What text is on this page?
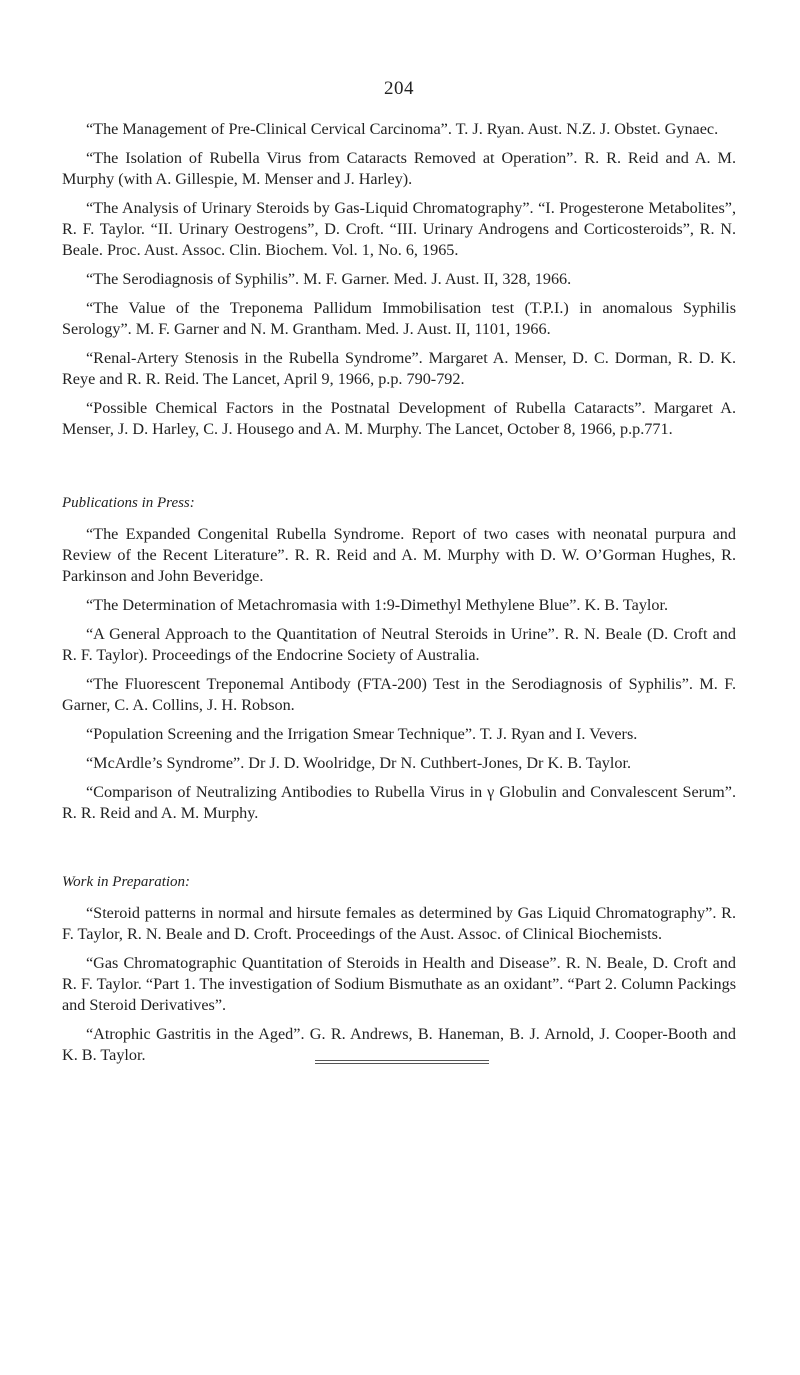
204

“The Management of Pre-Clinical Cervical Carcinoma”. T. J. Ryan. Aust. N.Z. J. Obstet. Gynaec.

“The Isolation of Rubella Virus from Cataracts Removed at Operation”. R. R. Reid and A. M. Murphy (with A. Gillespie, M. Menser and J. Harley).

“The Analysis of Urinary Steroids by Gas-Liquid Chromatography”. “I. Progesterone Metabolites”, R. F. Taylor. “II. Urinary Oestrogens”, D. Croft. “III. Urinary Androgens and Corticosteroids”, R. N. Beale. Proc. Aust. Assoc. Clin. Biochem. Vol. 1, No. 6, 1965.

“The Serodiagnosis of Syphilis”. M. F. Garner. Med. J. Aust. II, 328, 1966.

“The Value of the Treponema Pallidum Immobilisation test (T.P.I.) in anomalous Syphilis Serology”. M. F. Garner and N. M. Grantham. Med. J. Aust. II, 1101, 1966.

“Renal-Artery Stenosis in the Rubella Syndrome”. Margaret A. Menser, D. C. Dorman, R. D. K. Reye and R. R. Reid. The Lancet, April 9, 1966, p.p. 790-792.

“Possible Chemical Factors in the Postnatal Development of Rubella Cataracts”. Margaret A. Menser, J. D. Harley, C. J. Housego and A. M. Murphy. The Lancet, October 8, 1966, p.p.771.

Publications in Press:

“The Expanded Congenital Rubella Syndrome. Report of two cases with neonatal purpura and Review of the Recent Literature”. R. R. Reid and A. M. Murphy with D. W. O’Gorman Hughes, R. Parkinson and John Beveridge.

“The Determination of Metachromasia with 1:9-Dimethyl Methylene Blue”. K. B. Taylor.

“A General Approach to the Quantitation of Neutral Steroids in Urine”. R. N. Beale (D. Croft and R. F. Taylor). Proceedings of the Endocrine Society of Australia.

“The Fluorescent Treponemal Antibody (FTA-200) Test in the Serodiagnosis of Syphilis”. M. F. Garner, C. A. Collins, J. H. Robson.

“Population Screening and the Irrigation Smear Technique”. T. J. Ryan and I. Vevers.

“McArdle’s Syndrome”. Dr J. D. Woolridge, Dr N. Cuthbert-Jones, Dr K. B. Taylor.

“Comparison of Neutralizing Antibodies to Rubella Virus in γ Globulin and Convalescent Serum”. R. R. Reid and A. M. Murphy.

Work in Preparation:

“Steroid patterns in normal and hirsute females as determined by Gas Liquid Chromatography”. R. F. Taylor, R. N. Beale and D. Croft. Proceedings of the Aust. Assoc. of Clinical Biochemists.

“Gas Chromatographic Quantitation of Steroids in Health and Disease”. R. N. Beale, D. Croft and R. F. Taylor. “Part 1. The investigation of Sodium Bismuthate as an oxidant”. “Part 2. Column Packings and Steroid Derivatives”.

“Atrophic Gastritis in the Aged”. G. R. Andrews, B. Haneman, B. J. Arnold, J. Cooper-Booth and K. B. Taylor.
